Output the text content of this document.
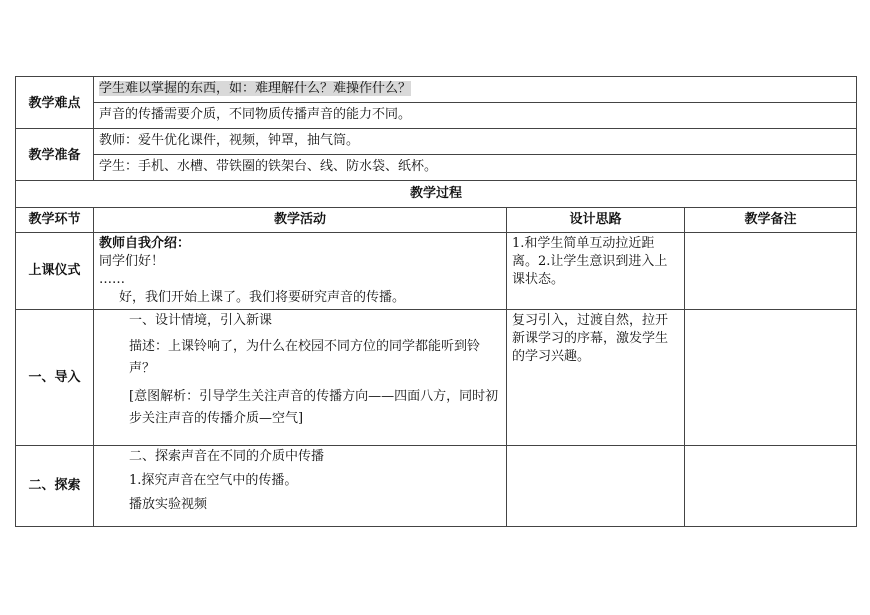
教学难点	学生难以掌握的东西，如：难理解什么？难操作什么？		
	声音的传播需要介质，不同物质传播声音的能力不同。		
教学准备	教师：爱牛优化课件，视频，钟罩，抽气筒。		
	学生：手机、水槽、带铁圈的铁架台、线、防水袋、纸杯。		
教学过程			
教学环节	教学活动	设计思路	教学备注
上课仪式	教师自我介绍：

同学们好！

……

好，我们开始上课了。我们将要研究声音的传播。	1.和学生简单互动拉近距离。2.让学生意识到进入上课状态。	
一、导入	一、设计情境，引入新课

描述：上课铃响了，为什么在校园不同方位的同学都能听到铃声？

[意图解析：引导学生关注声音的传播方向——四面八方，同时初步关注声音的传播介质—空气]	复习引入，过渡自然，拉开新课学习的序幕，激发学生的学习兴趣。	
二、探索	二、探索声音在不同的介质中传播

1.探究声音在空气中的传播。

播放实验视频		
